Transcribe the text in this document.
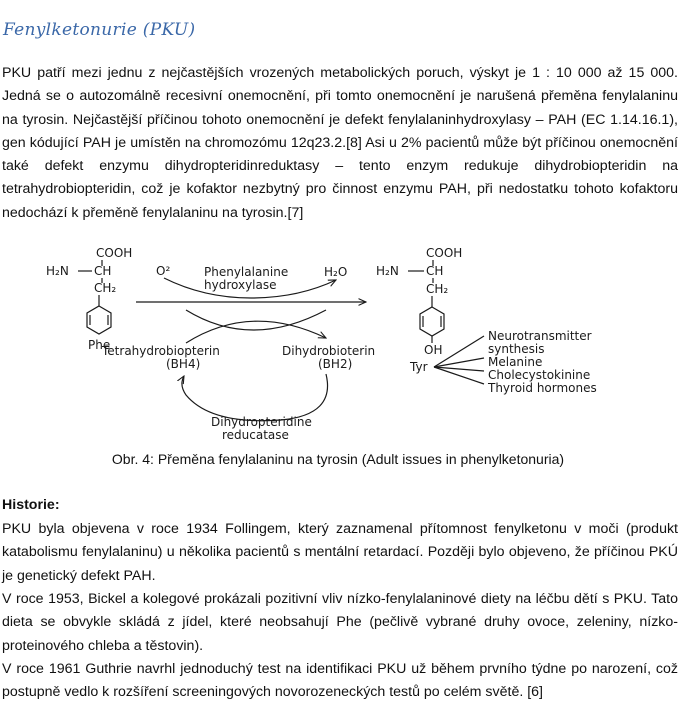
Fenylketonurie (PKU)

PKU patří mezi jednu z nejčastějších vrozených metabolických poruch, výskyt je 1 : 10 000 až 15 000. Jedná se o autozomálně recesivní onemocnění, při tomto onemocnění je narušená přeměna fenylalaninu na tyrosin. Nejčastější příčinou tohoto onemocnění je defekt fenylalaninhydroxylasy – PAH (EC 1.14.16.1), gen kódující PAH je umístěn na chromozómu 12q23.2.[8] Asi u 2% pacientů může být příčinou onemocnění také defekt enzymu dihydropteridinreduktasy – tento enzym redukuje dihydrobiopteridin na tetrahydrobiopteridin, což je kofaktor nezbytný pro činnost enzymu PAH, při nedostatku tohoto kofaktoru nedochází k přeměně fenylalaninu na tyrosin.[7]

COOH
H₂N CH
CH₂
Phe
O²	Phenylalanine
hydroxylase
H₂O
Tetrahydrobiopterin
(BH4)
Dihydrobioterin
(BH2)
Dihydropteridine
reducatase
COOH
H₂N CH
CH₂
OH
Tyr
Neurotransmitter
synthesis
Melanine
Cholecystokinine
Thyroid hormones

Obr. 4: Přeměna fenylalaninu na tyrosin (Adult issues in phenylketonuria)

Historie:

PKU byla objevena v roce 1934 Follingem, který zaznamenal přítomnost fenylketonu v moči (produkt katabolismu fenylalaninu) u několika pacientů s mentální retardací. Později bylo objeveno, že příčinou PKÚ je genetický defekt PAH.

V roce 1953, Bickel a kolegové prokázali pozitivní vliv nízko-fenylalaninové diety na léčbu dětí s PKU. Tato dieta se obvykle skládá z jídel, které neobsahují Phe (pečlivě vybrané druhy ovoce, zeleniny, nízko-proteinového chleba a těstovin).

V roce 1961 Guthrie navrhl jednoduchý test na identifikaci PKU už během prvního týdne po narození, což postupně vedlo k rozšíření screeningových novorozeneckých testů po celém světě. [6]
